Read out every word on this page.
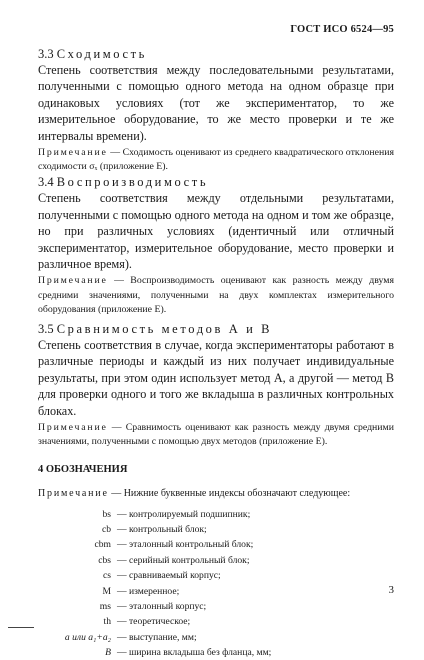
ГОСТ ИСО 6524—95

3.3 Сходимость

Степень соответствия между последовательными результатами, полученными с помощью одного метода на одном образце при одинаковых условиях (тот же экспериментатор, то же измерительное оборудование, то же место проверки и те же интервалы времени).

Примечание — Сходимость оценивают из среднего квадратического отклонения сходимости σₓ (приложение E).

3.4 Воспроизводимость

Степень соответствия между отдельными результатами, полученными с помощью одного метода на одном и том же образце, но при различных условиях (идентичный или отличный экспериментатор, измерительное оборудование, место проверки и различное время).

Примечание — Воспроизводимость оценивают как разность между двумя средними значениями, полученными на двух комплектах измерительного оборудования (приложение E).

3.5 Сравнимость методов А и В

Степень соответствия в случае, когда экспериментаторы работают в различные периоды и каждый из них получает индивидуальные результаты, при этом один использует метод А, а другой — метод В для проверки одного и того же вкладыша в различных контрольных блоках.

Примечание — Сравнимость оценивают как разность между двумя средними значениями, полученными с помощью двух методов (приложение E).

4 ОБОЗНАЧЕНИЯ

Примечание — Нижние буквенные индексы обозначают следующее:

bs — контролируемый подшипник;
cb — контрольный блок;
cbm — эталонный контрольный блок;
cbs — серийный контрольный блок;
cs — сравниваемый корпус;
M — измеренное;
ms — эталонный корпус;
th — теоретическое;
a или a₁+a₂ — выступание, мм;
B — ширина вкладыша без фланца, мм;
3
